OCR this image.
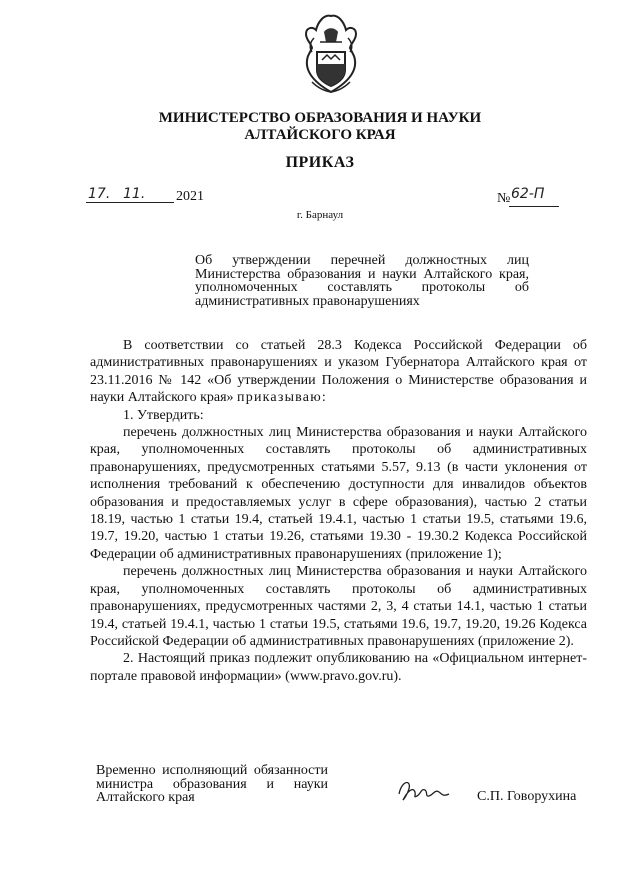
МИНИСТЕРСТВО ОБРАЗОВАНИЯ И НАУКИ
АЛТАЙСКОГО КРАЯ
ПРИКАЗ
17. 11. 2021	№ 62-П
г. Барнаул
Об утверждении перечней должностных лиц Министерства образования и науки Алтайского края, уполномоченных составлять протоколы об административных правонарушениях

В соответствии со статьей 28.3 Кодекса Российской Федерации об административных правонарушениях и указом Губернатора Алтайского края от 23.11.2016 № 142 «Об утверждении Положения о Министерстве образования и науки Алтайского края» приказываю:

1. Утвердить:

перечень должностных лиц Министерства образования и науки Алтайского края, уполномоченных составлять протоколы об административных правонарушениях, предусмотренных статьями 5.57, 9.13 (в части уклонения от исполнения требований к обеспечению доступности для инвалидов объектов образования и предоставляемых услуг в сфере образования), частью 2 статьи 18.19, частью 1 статьи 19.4, статьей 19.4.1, частью 1 статьи 19.5, статьями 19.6, 19.7, 19.20, частью 1 статьи 19.26, статьями 19.30 - 19.30.2 Кодекса Российской Федерации об административных правонарушениях (приложение 1);

перечень должностных лиц Министерства образования и науки Алтайского края, уполномоченных составлять протоколы об административных правонарушениях, предусмотренных частями 2, 3, 4 статьи 14.1, частью 1 статьи 19.4, статьей 19.4.1, частью 1 статьи 19.5, статьями 19.6, 19.7, 19.20, 19.26 Кодекса Российской Федерации об административных правонарушениях (приложение 2).

2. Настоящий приказ подлежит опубликованию на «Официальном интернет-портале правовой информации» (www.pravo.gov.ru).

Временно исполняющий обязанности министра образования и науки Алтайского края	С.П. Говорухина
